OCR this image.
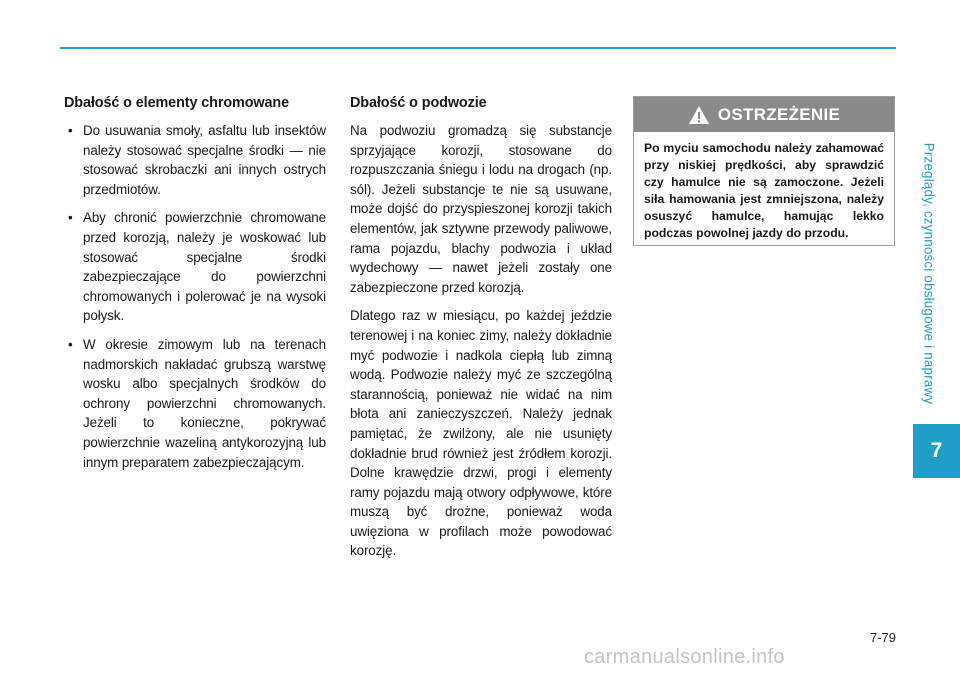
Dbałość o elementy chromowane
• Do usuwania smoły, asfaltu lub insektów należy stosować specjalne środki — nie stosować skrobaczki ani innych ostrych przedmiotów.
• Aby chronić powierzchnie chromowane przed korozją, należy je woskować lub stosować specjalne środki zabezpieczające do powierzchni chromowanych i polerować je na wysoki połysk.
• W okresie zimowym lub na terenach nadmorskich nakładać grubszą warstwę wosku albo specjalnych środków do ochrony powierzchni chromowanych. Jeżeli to konieczne, pokrywać powierzchnie wazeliną antykorozyjną lub innym preparatem zabezpieczającym.
Dbałość o podwozie

Na podwoziu gromadzą się substancje sprzyjające korozji, stosowane do rozpuszczania śniegu i lodu na drogach (np. sól). Jeżeli substancje te nie są usuwane, może dojść do przyspieszonej korozji takich elementów, jak sztywne przewody paliwowe, rama pojazdu, blachy podwozia i układ wydechowy — nawet jeżeli zostały one zabezpieczone przed korozją.

Dlatego raz w miesiącu, po każdej jeździe terenowej i na koniec zimy, należy dokładnie myć podwozie i nadkola ciepłą lub zimną wodą. Podwozie należy myć ze szczególną starannością, ponieważ nie widać na nim błota ani zanieczyszczeń. Należy jednak pamiętać, że zwilżony, ale nie usunięty dokładnie brud również jest źródłem korozji. Dolne krawędzie drzwi, progi i elementy ramy pojazdu mają otwory odpływowe, które muszą być drożne, ponieważ woda uwięziona w profilach może powodować korozję.

OSTRZEŻENIE
Po myciu samochodu należy zahamować przy niskiej prędkości, aby sprawdzić czy hamulce nie są zamoczone. Jeżeli siła hamowania jest zmniejszona, należy osuszyć hamulce, hamując lekko podczas powolnej jazdy do przodu.	Przeglądy, czynności obsługowe i naprawy
7
7-79
carmanualsonline.info
